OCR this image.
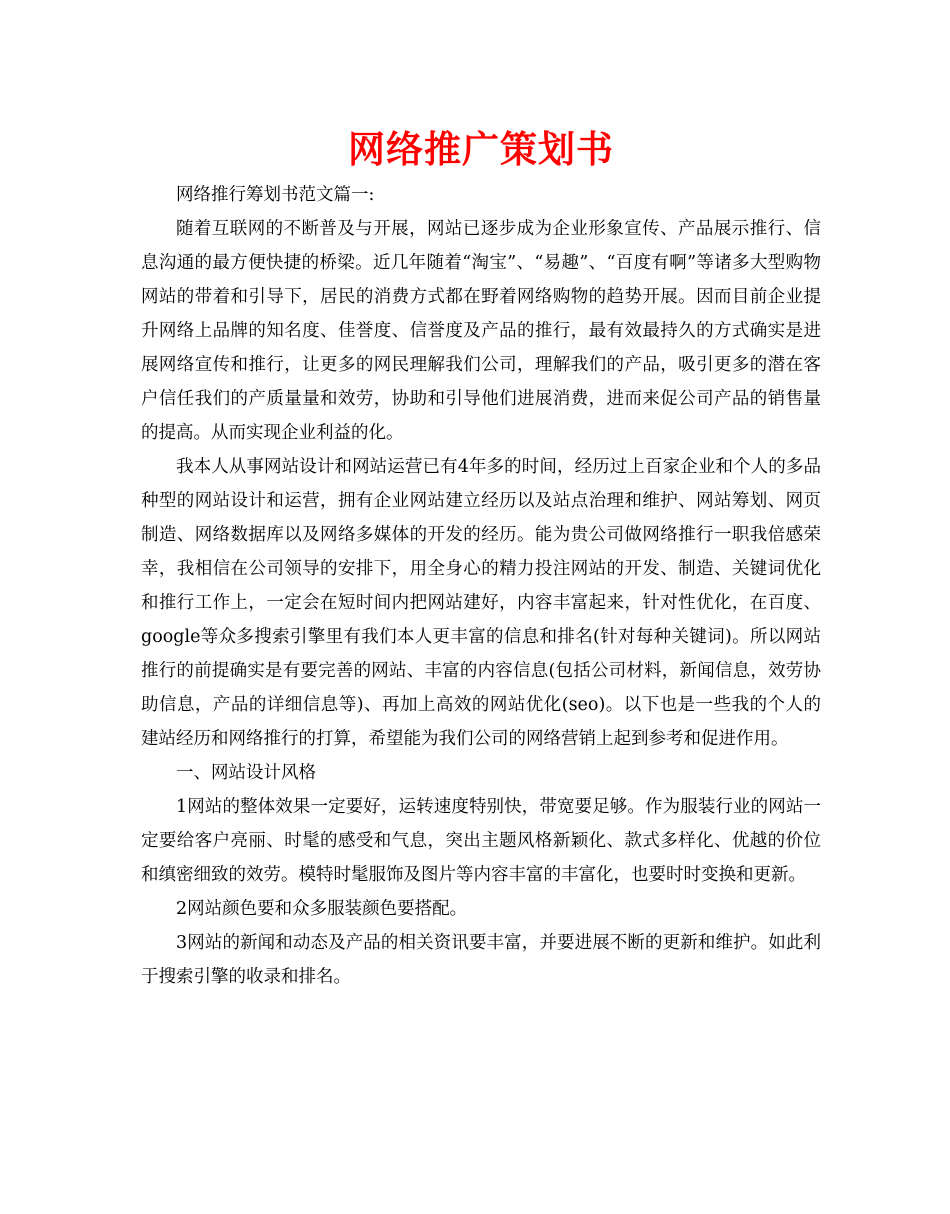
网络推广策划书

网络推行筹划书范文篇一:

随着互联网的不断普及与开展，网站已逐步成为企业形象宣传、产品展示推行、信息沟通的最方便快捷的桥梁。近几年随着“淘宝”、“易趣”、“百度有啊”等诸多大型购物网站的带着和引导下，居民的消费方式都在野着网络购物的趋势开展。因而目前企业提升网络上品牌的知名度、佳誉度、信誉度及产品的推行，最有效最持久的方式确实是进展网络宣传和推行，让更多的网民理解我们公司，理解我们的产品，吸引更多的潜在客户信任我们的产质量量和效劳，协助和引导他们进展消费，进而来促公司产品的销售量的提高。从而实现企业利益的化。

我本人从事网站设计和网站运营已有4年多的时间，经历过上百家企业和个人的多品种型的网站设计和运营，拥有企业网站建立经历以及站点治理和维护、网站筹划、网页制造、网络数据库以及网络多媒体的开发的经历。能为贵公司做网络推行一职我倍感荣幸，我相信在公司领导的安排下，用全身心的精力投注网站的开发、制造、关键词优化和推行工作上，一定会在短时间内把网站建好，内容丰富起来，针对性优化，在百度、google等众多搜索引擎里有我们本人更丰富的信息和排名(针对每种关键词)。所以网站推行的前提确实是有要完善的网站、丰富的内容信息(包括公司材料，新闻信息，效劳协助信息，产品的详细信息等)、再加上高效的网站优化(seo)。以下也是一些我的个人的建站经历和网络推行的打算，希望能为我们公司的网络营销上起到参考和促进作用。

一、网站设计风格

1网站的整体效果一定要好，运转速度特别快，带宽要足够。作为服装行业的网站一定要给客户亮丽、时髦的感受和气息，突出主题风格新颖化、款式多样化、优越的价位和缜密细致的效劳。模特时髦服饰及图片等内容丰富的丰富化，也要时时变换和更新。

2网站颜色要和众多服装颜色要搭配。

3网站的新闻和动态及产品的相关资讯要丰富，并要进展不断的更新和维护。如此利于搜索引擎的收录和排名。
